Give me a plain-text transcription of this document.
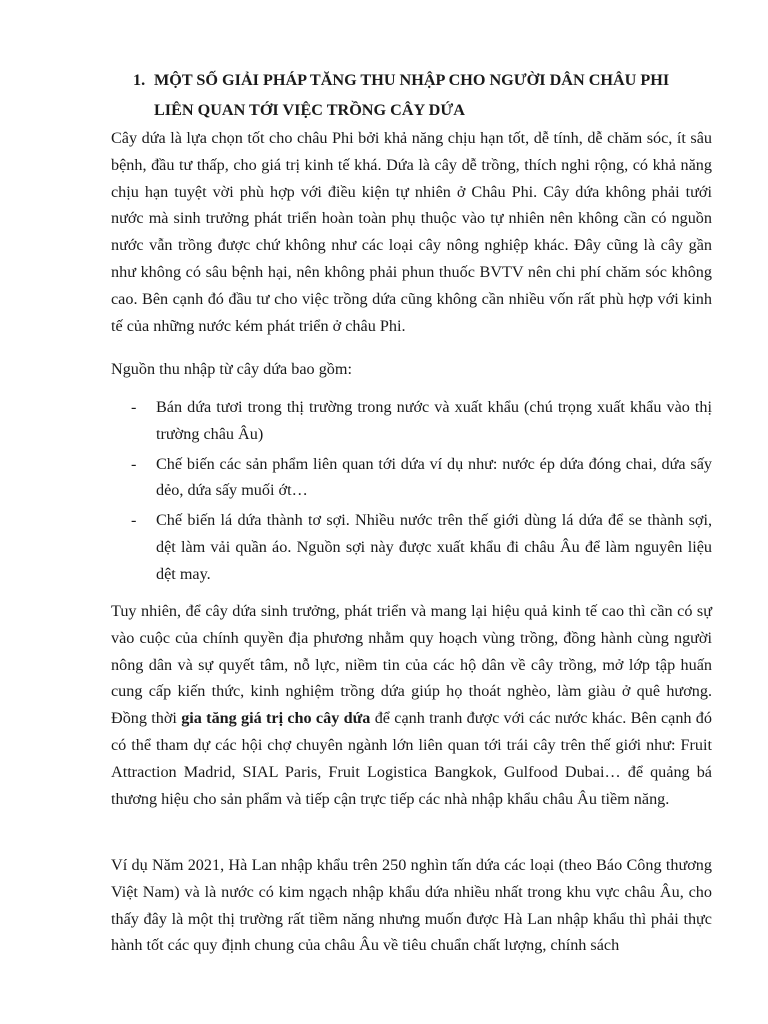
1. MỘT SỐ GIẢI PHÁP TĂNG THU NHẬP CHO NGƯỜI DÂN CHÂU PHI
LIÊN QUAN TỚI VIỆC TRỒNG CÂY DỨA

Cây dứa là lựa chọn tốt cho châu Phi bởi khả năng chịu hạn tốt, dễ tính, dễ chăm sóc, ít sâu bệnh, đầu tư thấp, cho giá trị kinh tế khá. Dứa là cây dễ trồng, thích nghi rộng, có khả năng chịu hạn tuyệt vời phù hợp với điều kiện tự nhiên ở Châu Phi. Cây dứa không phải tưới nước mà sinh trưởng phát triển hoàn toàn phụ thuộc vào tự nhiên nên không cần có nguồn nước vẫn trồng được chứ không như các loại cây nông nghiệp khác. Đây cũng là cây gần như không có sâu bệnh hại, nên không phải phun thuốc BVTV nên chi phí chăm sóc không cao. Bên cạnh đó đầu tư cho việc trồng dứa cũng không cần nhiều vốn rất phù hợp với kinh tế của những nước kém phát triển ở châu Phi.

Nguồn thu nhập từ cây dứa bao gồm:

- Bán dứa tươi trong thị trường trong nước và xuất khẩu (chú trọng xuất khẩu vào thị trường châu Âu)
- Chế biến các sản phẩm liên quan tới dứa ví dụ như: nước ép dứa đóng chai, dứa sấy dẻo, dứa sấy muối ớt…
- Chế biến lá dứa thành tơ sợi. Nhiều nước trên thế giới dùng lá dứa để se thành sợi, dệt làm vải quần áo. Nguồn sợi này được xuất khẩu đi châu Âu để làm nguyên liệu dệt may.

Tuy nhiên, để cây dứa sinh trưởng, phát triển và mang lại hiệu quả kinh tế cao thì cần có sự vào cuộc của chính quyền địa phương nhằm quy hoạch vùng trồng, đồng hành cùng người nông dân và sự quyết tâm, nỗ lực, niềm tin của các hộ dân về cây trồng, mở lớp tập huấn cung cấp kiến thức, kinh nghiệm trồng dứa giúp họ thoát nghèo, làm giàu ở quê hương. Đồng thời gia tăng giá trị cho cây dứa để cạnh tranh được với các nước khác. Bên cạnh đó có thể tham dự các hội chợ chuyên ngành lớn liên quan tới trái cây trên thế giới như: Fruit Attraction Madrid, SIAL Paris, Fruit Logistica Bangkok, Gulfood Dubai… để quảng bá thương hiệu cho sản phẩm và tiếp cận trực tiếp các nhà nhập khẩu châu Âu tiềm năng.

Ví dụ Năm 2021, Hà Lan nhập khẩu trên 250 nghìn tấn dứa các loại (theo Báo Công thương Việt Nam) và là nước có kim ngạch nhập khẩu dứa nhiều nhất trong khu vực châu Âu, cho thấy đây là một thị trường rất tiềm năng nhưng muốn được Hà Lan nhập khẩu thì phải thực hành tốt các quy định chung của châu Âu về tiêu chuẩn chất lượng, chính sách
